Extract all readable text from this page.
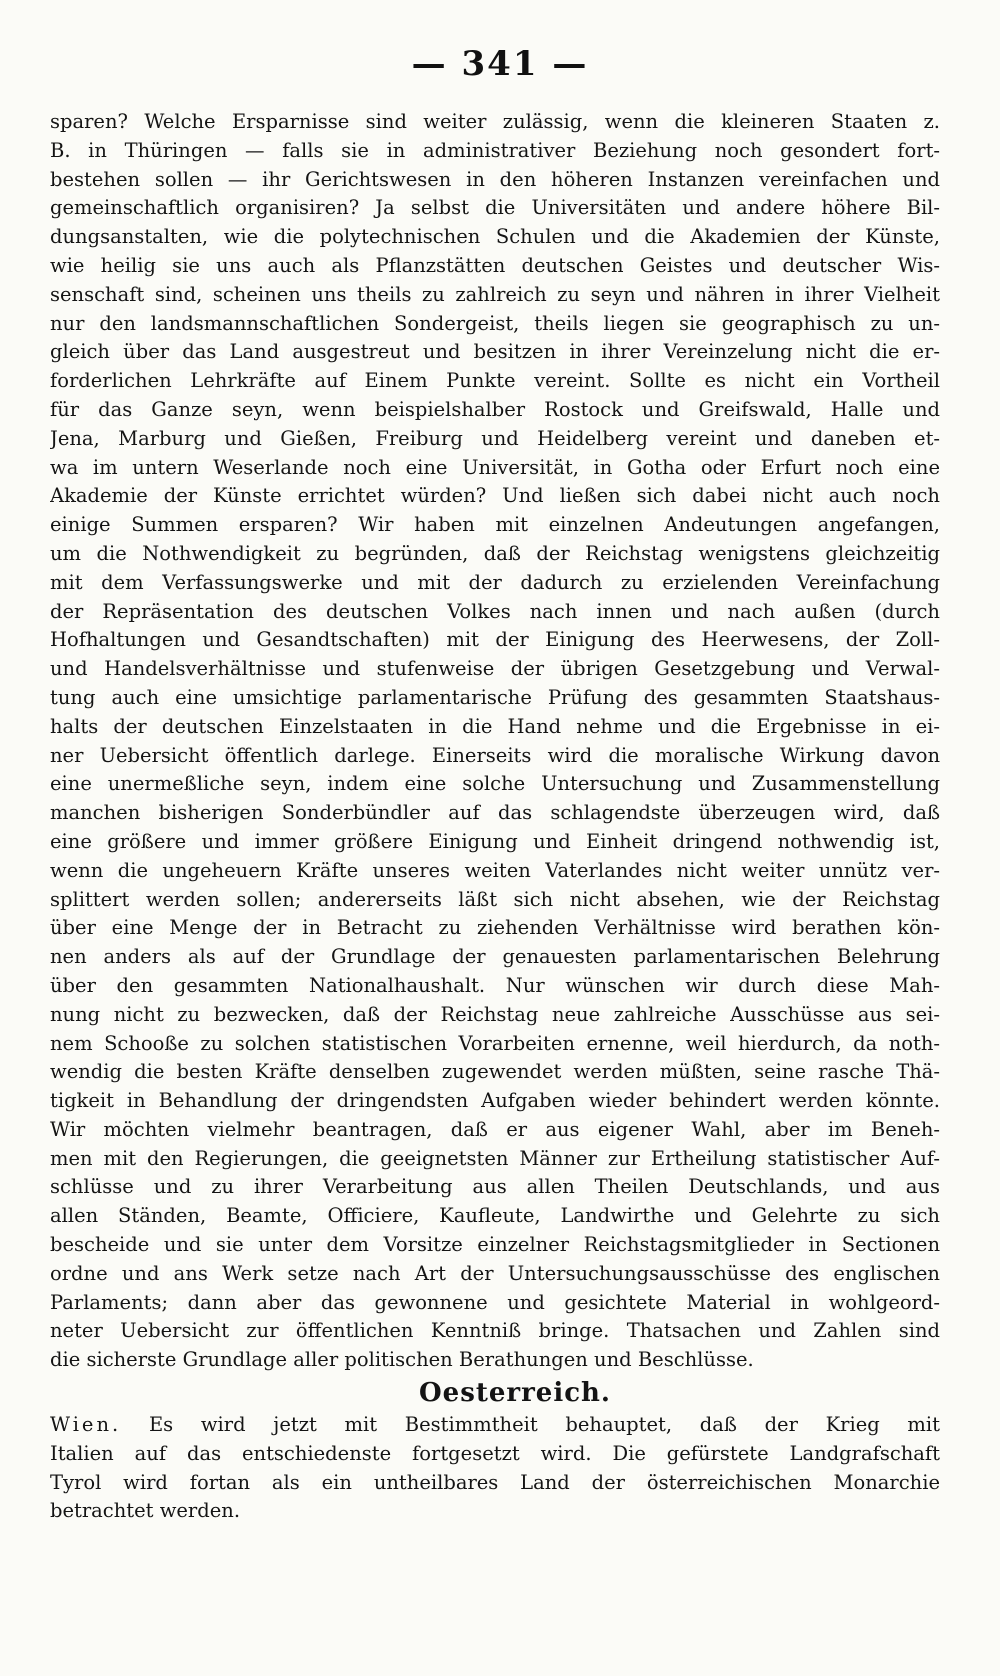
— 341 —
sparen? Welche Ersparnisse sind weiter zulässig, wenn die kleineren Staaten z.
B. in Thüringen — falls sie in administrativer Beziehung noch gesondert fort-
bestehen sollen — ihr Gerichtswesen in den höheren Instanzen vereinfachen und
gemeinschaftlich organisiren? Ja selbst die Universitäten und andere höhere Bil-
dungsanstalten, wie die polytechnischen Schulen und die Akademien der Künste,
wie heilig sie uns auch als Pflanzstätten deutschen Geistes und deutscher Wis-
senschaft sind, scheinen uns theils zu zahlreich zu seyn und nähren in ihrer Vielheit
nur den landsmannschaftlichen Sondergeist, theils liegen sie geographisch zu un-
gleich über das Land ausgestreut und besitzen in ihrer Vereinzelung nicht die er-
forderlichen Lehrkräfte auf Einem Punkte vereint. Sollte es nicht ein Vortheil
für das Ganze seyn, wenn beispielshalber Rostock und Greifswald, Halle und
Jena, Marburg und Gießen, Freiburg und Heidelberg vereint und daneben et-
wa im untern Weserlande noch eine Universität, in Gotha oder Erfurt noch eine
Akademie der Künste errichtet würden? Und ließen sich dabei nicht auch noch
einige Summen ersparen? Wir haben mit einzelnen Andeutungen angefangen,
um die Nothwendigkeit zu begründen, daß der Reichstag wenigstens gleichzeitig
mit dem Verfassungswerke und mit der dadurch zu erzielenden Vereinfachung
der Repräsentation des deutschen Volkes nach innen und nach außen (durch
Hofhaltungen und Gesandtschaften) mit der Einigung des Heerwesens, der Zoll-
und Handelsverhältnisse und stufenweise der übrigen Gesetzgebung und Verwal-
tung auch eine umsichtige parlamentarische Prüfung des gesammten Staatshaus-
halts der deutschen Einzelstaaten in die Hand nehme und die Ergebnisse in ei-
ner Uebersicht öffentlich darlege. Einerseits wird die moralische Wirkung davon
eine unermeßliche seyn, indem eine solche Untersuchung und Zusammenstellung
manchen bisherigen Sonderbündler auf das schlagendste überzeugen wird, daß
eine größere und immer größere Einigung und Einheit dringend nothwendig ist,
wenn die ungeheuern Kräfte unseres weiten Vaterlandes nicht weiter unnütz ver-
splittert werden sollen; andererseits läßt sich nicht absehen, wie der Reichstag
über eine Menge der in Betracht zu ziehenden Verhältnisse wird berathen kön-
nen anders als auf der Grundlage der genauesten parlamentarischen Belehrung
über den gesammten Nationalhaushalt. Nur wünschen wir durch diese Mah-
nung nicht zu bezwecken, daß der Reichstag neue zahlreiche Ausschüsse aus sei-
nem Schooße zu solchen statistischen Vorarbeiten ernenne, weil hierdurch, da noth-
wendig die besten Kräfte denselben zugewendet werden müßten, seine rasche Thä-
tigkeit in Behandlung der dringendsten Aufgaben wieder behindert werden könnte.
Wir möchten vielmehr beantragen, daß er aus eigener Wahl, aber im Beneh-
men mit den Regierungen, die geeignetsten Männer zur Ertheilung statistischer Auf-
schlüsse und zu ihrer Verarbeitung aus allen Theilen Deutschlands, und aus
allen Ständen, Beamte, Officiere, Kaufleute, Landwirthe und Gelehrte zu sich
bescheide und sie unter dem Vorsitze einzelner Reichstagsmitglieder in Sectionen
ordne und ans Werk setze nach Art der Untersuchungsausschüsse des englischen
Parlaments; dann aber das gewonnene und gesichtete Material in wohlgeord-
neter Uebersicht zur öffentlichen Kenntniß bringe. Thatsachen und Zahlen sind
die sicherste Grundlage aller politischen Berathungen und Beschlüsse.
Oesterreich.
Wien. Es wird jetzt mit Bestimmtheit behauptet, daß der Krieg mit
Italien auf das entschiedenste fortgesetzt wird. Die gefürstete Landgrafschaft
Tyrol wird fortan als ein untheilbares Land der österreichischen Monarchie
betrachtet werden.
